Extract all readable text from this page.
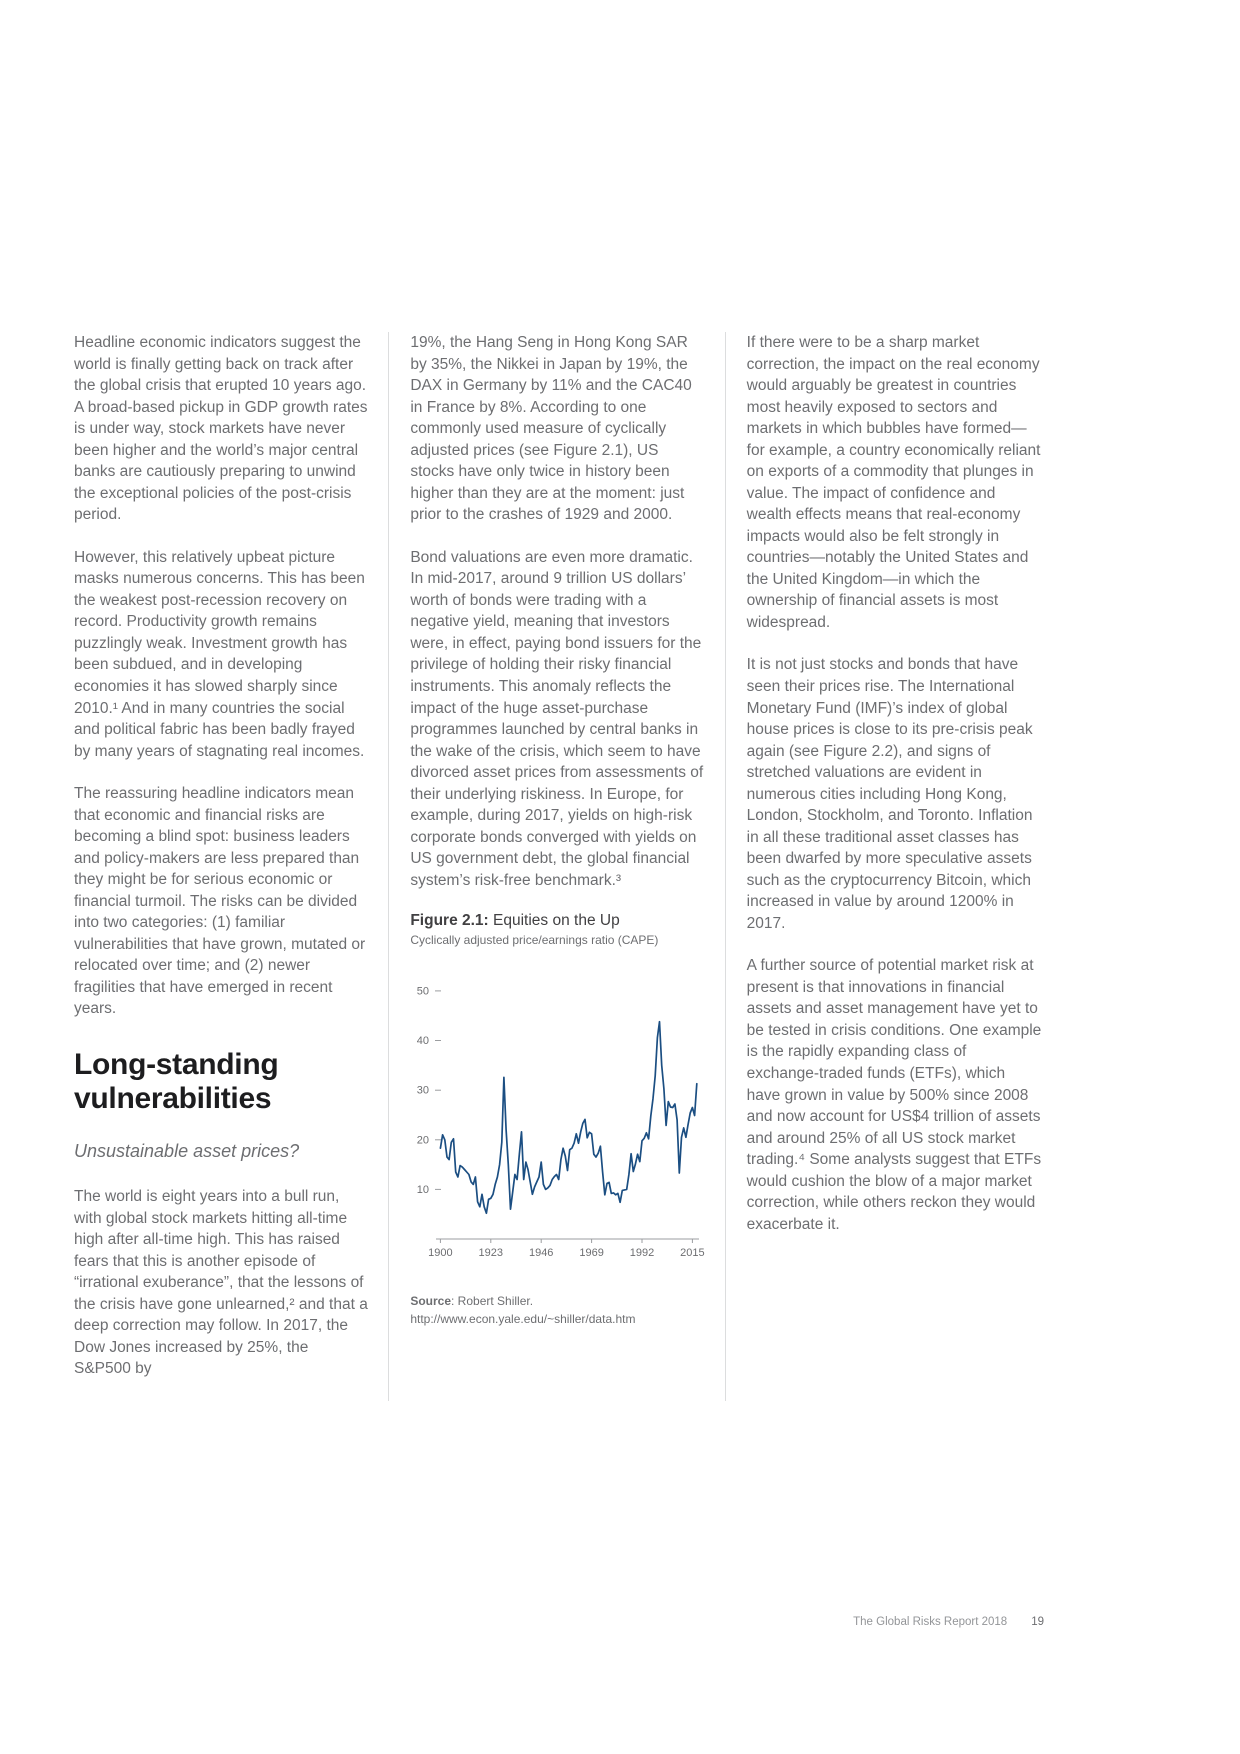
Headline economic indicators suggest the world is finally getting back on track after the global crisis that erupted 10 years ago. A broad-based pickup in GDP growth rates is under way, stock markets have never been higher and the world’s major central banks are cautiously preparing to unwind the exceptional policies of the post-crisis period.

However, this relatively upbeat picture masks numerous concerns. This has been the weakest post-recession recovery on record. Productivity growth remains puzzlingly weak. Investment growth has been subdued, and in developing economies it has slowed sharply since 2010.¹ And in many countries the social and political fabric has been badly frayed by many years of stagnating real incomes.

The reassuring headline indicators mean that economic and financial risks are becoming a blind spot: business leaders and policy-makers are less prepared than they might be for serious economic or financial turmoil. The risks can be divided into two categories: (1) familiar vulnerabilities that have grown, mutated or relocated over time; and (2) newer fragilities that have emerged in recent years.

Long-standing vulnerabilities
Unsustainable asset prices?

The world is eight years into a bull run, with global stock markets hitting all-time high after all-time high. This has raised fears that this is another episode of “irrational exuberance”, that the lessons of the crisis have gone unlearned,² and that a deep correction may follow. In 2017, the Dow Jones increased by 25%, the S&P500 by

19%, the Hang Seng in Hong Kong SAR by 35%, the Nikkei in Japan by 19%, the DAX in Germany by 11% and the CAC40 in France by 8%. According to one commonly used measure of cyclically adjusted prices (see Figure 2.1), US stocks have only twice in history been higher than they are at the moment: just prior to the crashes of 1929 and 2000.

Bond valuations are even more dramatic. In mid-2017, around 9 trillion US dollars’ worth of bonds were trading with a negative yield, meaning that investors were, in effect, paying bond issuers for the privilege of holding their risky financial instruments. This anomaly reflects the impact of the huge asset-purchase programmes launched by central banks in the wake of the crisis, which seem to have divorced asset prices from assessments of their underlying riskiness. In Europe, for example, during 2017, yields on high-risk corporate bonds converged with yields on US government debt, the global financial system’s risk-free benchmark.³

Figure 2.1: Equities on the Up

Cyclically adjusted price/earnings ratio (CAPE)

10
20
30
40
50
1900 1923 1946 1969 1992 2015

Source: Robert Shiller.
http://www.econ.yale.edu/~shiller/data.htm

If there were to be a sharp market correction, the impact on the real economy would arguably be greatest in countries most heavily exposed to sectors and markets in which bubbles have formed—for example, a country economically reliant on exports of a commodity that plunges in value. The impact of confidence and wealth effects means that real-economy impacts would also be felt strongly in countries—notably the United States and the United Kingdom—in which the ownership of financial assets is most widespread.

It is not just stocks and bonds that have seen their prices rise. The International Monetary Fund (IMF)’s index of global house prices is close to its pre-crisis peak again (see Figure 2.2), and signs of stretched valuations are evident in numerous cities including Hong Kong, London, Stockholm, and Toronto. Inflation in all these traditional asset classes has been dwarfed by more speculative assets such as the cryptocurrency Bitcoin, which increased in value by around 1200% in 2017.

A further source of potential market risk at present is that innovations in financial assets and asset management have yet to be tested in crisis conditions. One example is the rapidly expanding class of exchange-traded funds (ETFs), which have grown in value by 500% since 2008 and now account for US$4 trillion of assets and around 25% of all US stock market trading.⁴ Some analysts suggest that ETFs would cushion the blow of a major market correction, while others reckon they would exacerbate it.

The Global Risks Report 2018 19
